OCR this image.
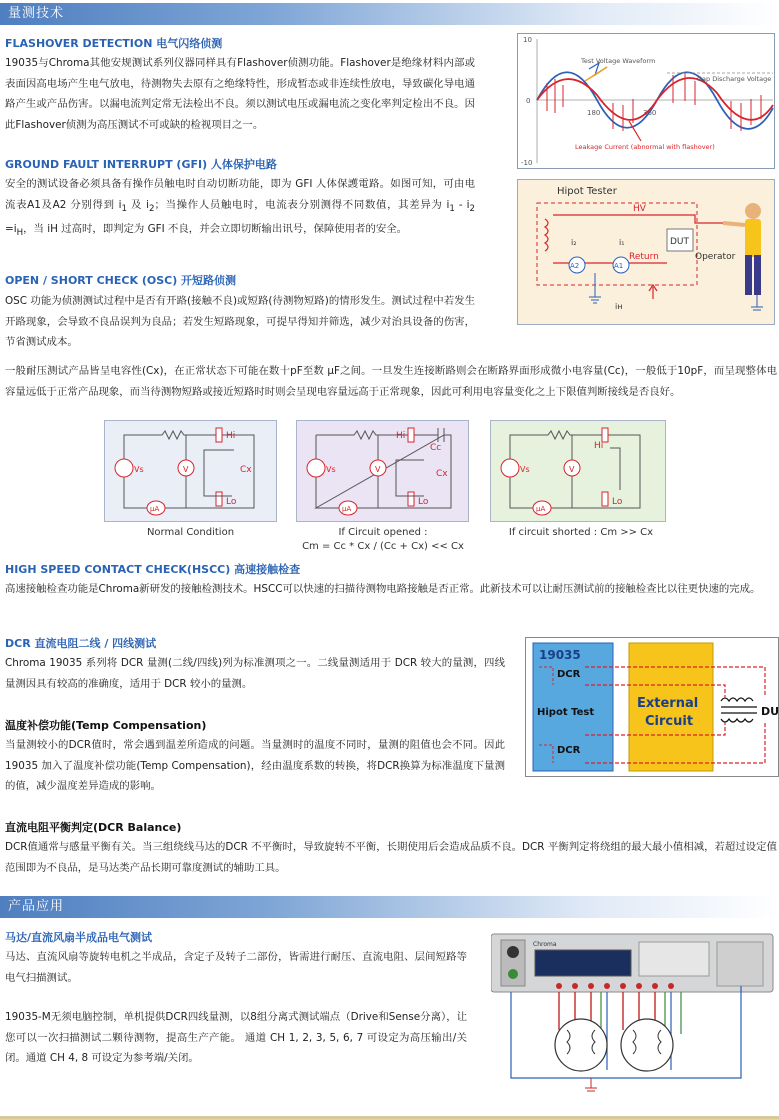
量测技术
FLASHOVER DETECTION 电气闪络侦测
19035与Chroma其他安规测试系列仪器同样具有Flashover侦测功能。Flashover是绝缘材料内部或表面因高电场产生电气放电，待测物失去原有之绝缘特性，形成暂态或非连续性放电，导致碳化导电通路产生或产品伤害。以漏电流判定常无法检出不良。须以测试电压或漏电流之变化率判定检出不良。因此Flashover侦测为高压测试不可或缺的检视项目之一。
10
0
-10
180	360
Test Voltage Waveform
Gap Discharge Voltage
Leakage Current (abnormal with flashover)
GROUND FAULT INTERRUPT (GFI) 人体保护电路
安全的测试设备必须具备有操作员触电时自动切断功能，即为 GFI 人体保護電路。如图可知，可由电流表A1及A2 分别得到 $i_1$ 及 $i_2$；当操作人员触电时，电流表分别测得不同数值，其差异为 $i_1 - i_2 =i_H$，当 iH 过高时，即判定为 GFI 不良，并会立即切断输出讯号，保障使用者的安全。
Hipot Tester
HV
DUT
Return
A2	A1
i₂	i₁
iʜ
Operator
OPEN / SHORT CHECK (OSC) 开短路侦测
OSC 功能为侦测测试过程中是否有开路(接触不良)或短路(待测物短路)的情形发生。测试过程中若发生开路现象，会导致不良品误判为良品；若发生短路现象，可提早得知并筛选，减少对治具设备的伤害，节省测试成本。
一般耐压测试产品皆呈电容性(Cx)，在正常状态下可能在数十pF至数 μF之间。一旦发生连接断路则会在断路界面形成微小电容量(Cc)，一般低于10pF，而呈现整体电容量远低于正常产品现象，而当待测物短路或接近短路时时则会呈现电容量远高于正常现象，因此可利用电容量变化之上下限值判断接线是否良好。
Hi
Lo
Cx
Vs	V
μA
Hi
Cc
Lo
Cx
Vs	V
μA
Hi
Lo
Vs	V
μA
Normal Condition	If Circuit opened :
Cm = Cc * Cx / (Cc + Cx) << Cx
If circuit shorted : Cm >> Cx
HIGH SPEED CONTACT CHECK(HSCC) 高速接触检查
高速接触检查功能是Chroma新研发的接触检测技术。HSCC可以快速的扫描待测物电路接触是否正常。此新技术可以让耐压测试前的接触检查比以往更快速的完成。
DCR 直流电阻二线 / 四线测试
Chroma 19035 系列将 DCR 量测(二线/四线)列为标准测项之一。二线量测适用于 DCR 较大的量测，四线量测因具有较高的准确度，适用于 DCR 较小的量测。
19035
DCR
Hipot Test
DCR
External
Circuit
DU
温度补偿功能(Temp Compensation)
当量测较小的DCR值时，常会遇到温差所造成的问题。当量测时的温度不同时，量测的阻值也会不同。因此 19035 加入了温度补偿功能(Temp Compensation)，经由温度系数的转换，将DCR换算为标准温度下量测的值，减少温度差异造成的影响。
直流电阻平衡判定(DCR Balance)
DCR值通常与感量平衡有关。当三组绕线马达的DCR 不平衡时，导致旋转不平衡，长期使用后会造成品质不良。DCR 平衡判定将绕组的最大最小值相减，若超过设定值范围即为不良品，是马达类产品长期可靠度测试的辅助工具。
产品应用
马达/直流风扇半成品电气测试
马达、直流风扇等旋转电机之半成品，含定子及转子二部份，皆需进行耐压、直流电阻、层间短路等电气扫描测试。
19035-M无须电脑控制，单机提供DCR四线量测，以8组分离式测试端点（Drive和Sense分离），让您可以一次扫描测试二颗待测物，提高生产产能。 通道 CH 1, 2, 3, 5, 6, 7 可设定为高压输出/关闭。通道 CH 4, 8 可设定为参考端/关闭。
Chroma
